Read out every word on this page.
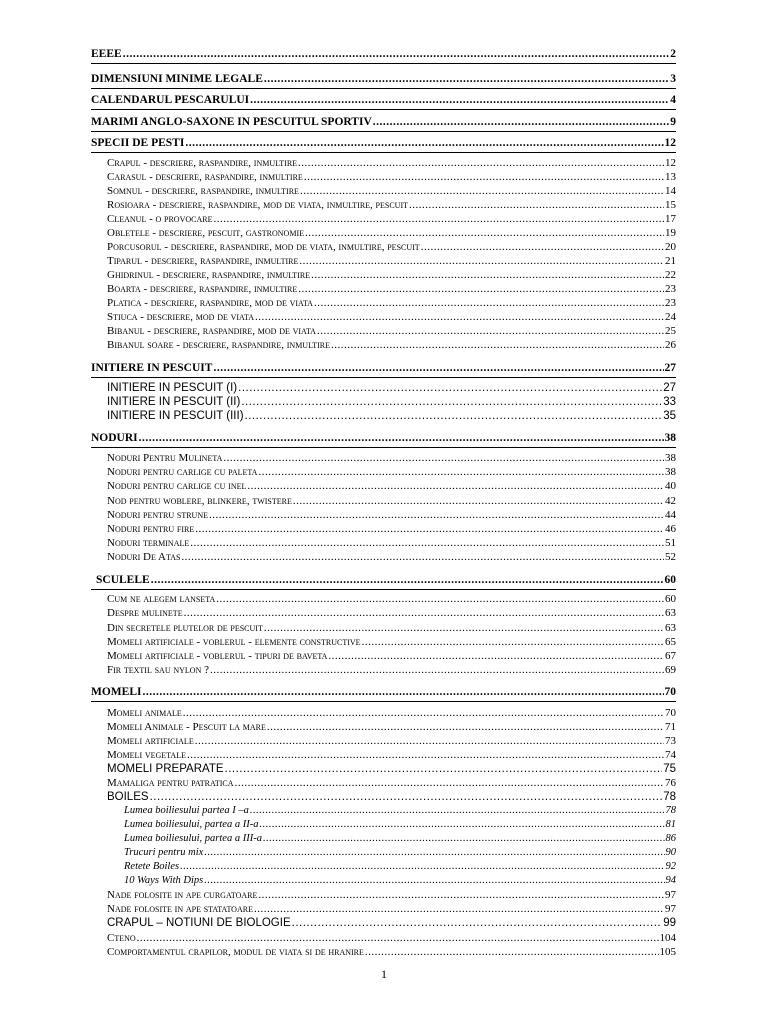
EEEE .....	2
DIMENSIUNI MINIME LEGALE .....	3
CALENDARUL PESCARULUI .....	4
MARIMI ANGLO-SAXONE IN PESCUITUL SPORTIV .....	9
SPECII DE PESTI .....	12
Crapul - descriere, raspandire, inmultire .....	12
Carasul - descriere, raspandire, inmultire .....	13
Somnul - descriere, raspandire, inmultire .....	14
Rosioara - descriere, raspandire, mod de viata, inmultire, pescuit .....	15
Cleanul - o provocare .....	17
Obletele - descriere, pescuit, gastronomie .....	19
Porcusorul - descriere, raspandire, mod de viata, inmultire, pescuit .....	20
Tiparul - descriere, raspandire, inmultire .....	21
Ghidrinul - descriere, raspandire, inmultire .....	22
Boarta - descriere, raspandire, inmultire .....	23
Platica - descriere, raspandire, mod de viata .....	23
Stiuca - descriere, mod de viata .....	24
Bibanul - descriere, raspandire, mod de viata .....	25
Bibanul soare - descriere, raspandire, inmultire .....	26
INITIERE IN PESCUIT .....	27
INITIERE IN PESCUIT (I) .....	27
INITIERE IN PESCUIT (II) .....	33
INITIERE IN PESCUIT (III) .....	35
NODURI .....	38
Noduri Pentru Mulineta .....	38
Noduri pentru carlige cu paleta .....	38
Noduri pentru carlige cu inel .....	40
Nod pentru woblere, blinkere, twistere .....	42
Noduri pentru strune .....	44
Noduri pentru fire .....	46
Noduri terminale .....	51
Noduri De Atas .....	52
SCULELE .....	60
Cum ne alegem lanseta .....	60
Despre mulinete .....	63
Din secretele plutelor de pescuit .....	63
Momeli artificiale - voblerul - elemente constructive .....	65
Momeli artificiale - voblerul - tipuri de baveta .....	67
Fir textil sau nylon ? .....	69
MOMELI .....	70
Momeli animale .....	70
Momeli Animale - Pescuit la mare .....	71
Momeli artificiale .....	73
Momeli vegetale .....	74
MOMELI PREPARATE .....	75
Mamaliga pentru patratica .....	76
BOILES .....	78
Lumea boiliesului partea I –a .....	78
Lumea boiliesului, partea a II-a .....	81
Lumea boiliesului, partea a III-a .....	86
Trucuri pentru mix .....	90
Retete Boiles .....	92
10 Ways With Dips .....	94
Nade folosite in ape curgatoare .....	97
Nade folosite in ape statatoare .....	97
CRAPUL – NOTIUNI DE BIOLOGIE .....	99
Cteno .....	104
Comportamentul crapilor, modul de viata si de hranire .....	105
1
